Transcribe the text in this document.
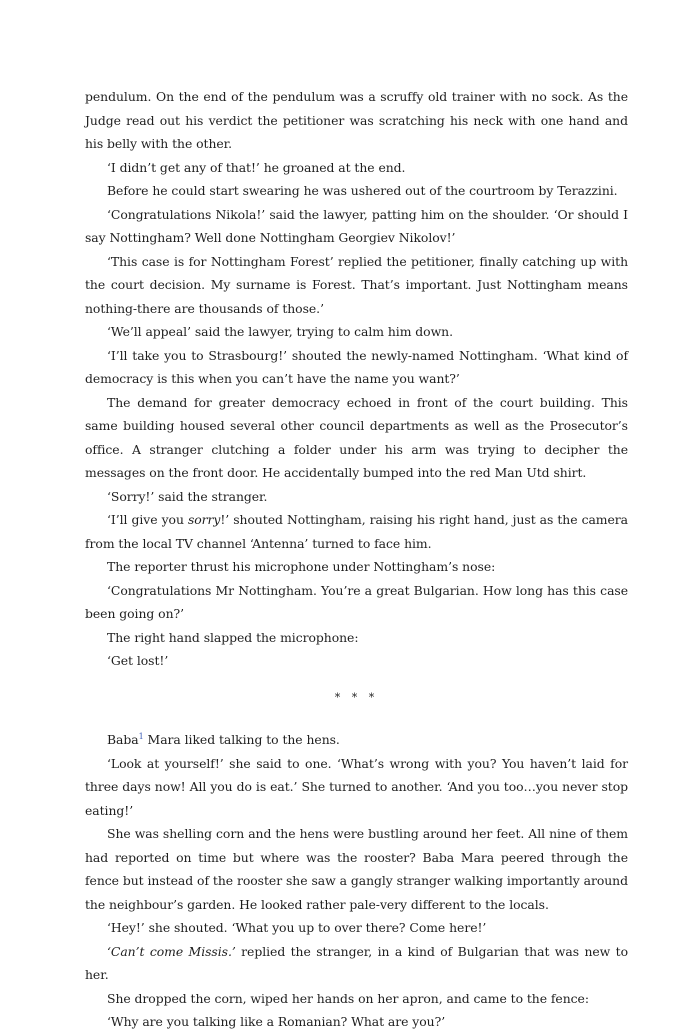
pendulum. On the end of the pendulum was a scruffy old trainer with no sock. As the Judge read out his verdict the petitioner was scratching his neck with one hand and his belly with the other.

‘I didn’t get any of that!’ he groaned at the end.

Before he could start swearing he was ushered out of the courtroom by Terazzini.

‘Congratulations Nikola!’ said the lawyer, patting him on the shoulder. ‘Or should I say Nottingham? Well done Nottingham Georgiev Nikolov!’

‘This case is for Nottingham Forest’ replied the petitioner, finally catching up with the court decision. My surname is Forest. That’s important. Just Nottingham means nothing-there are thousands of those.’

‘We’ll appeal’ said the lawyer, trying to calm him down.

‘I’ll take you to Strasbourg!’ shouted the newly-named Nottingham. ‘What kind of democracy is this when you can’t have the name you want?’

The demand for greater democracy echoed in front of the court building. This same building housed several other council departments as well as the Prosecutor’s office. A stranger clutching a folder under his arm was trying to decipher the messages on the front door. He accidentally bumped into the red Man Utd shirt.

‘Sorry!’ said the stranger.

‘I’ll give you sorry!’ shouted Nottingham, raising his right hand, just as the camera from the local TV channel ‘Antenna’ turned to face him.

The reporter thrust his microphone under Nottingham’s nose:

‘Congratulations Mr Nottingham. You’re a great Bulgarian. How long has this case been going on?’

The right hand slapped the microphone:

‘Get lost!’

* * *

Baba$^1$ Mara liked talking to the hens.

‘Look at yourself!’ she said to one. ‘What’s wrong with you? You haven’t laid for three days now! All you do is eat.’ She turned to another. ‘And you too…you never stop eating!’

She was shelling corn and the hens were bustling around her feet. All nine of them had reported on time but where was the rooster? Baba Mara peered through the fence but instead of the rooster she saw a gangly stranger walking importantly around the neighbour’s garden. He looked rather pale-very different to the locals.

‘Hey!’ she shouted. ‘What you up to over there? Come here!’

‘Can’t come Missis.’ replied the stranger, in a kind of Bulgarian that was new to her.

She dropped the corn, wiped her hands on her apron, and came to the fence:

‘Why are you talking like a Romanian? What are you?’
